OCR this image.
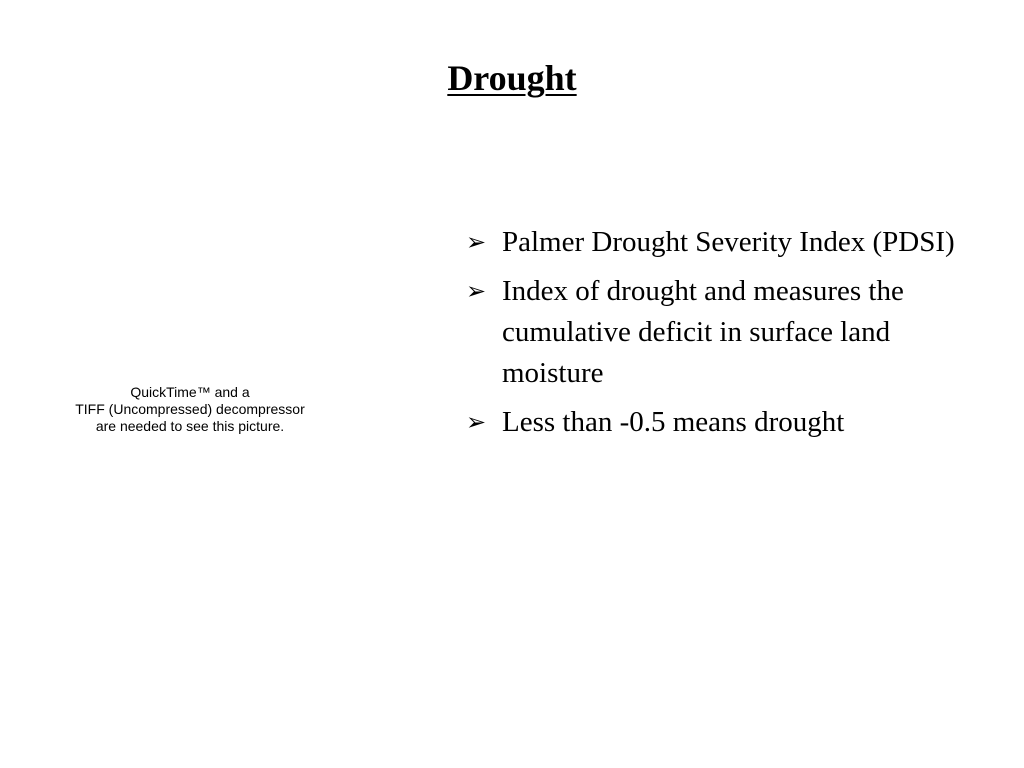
Drought
QuickTime™ and a
TIFF (Uncompressed) decompressor
are needed to see this picture.
➢ Palmer Drought Severity Index (PDSI)
➢ Index of drought and measures the cumulative deficit in surface land moisture
➢ Less than -0.5 means drought
